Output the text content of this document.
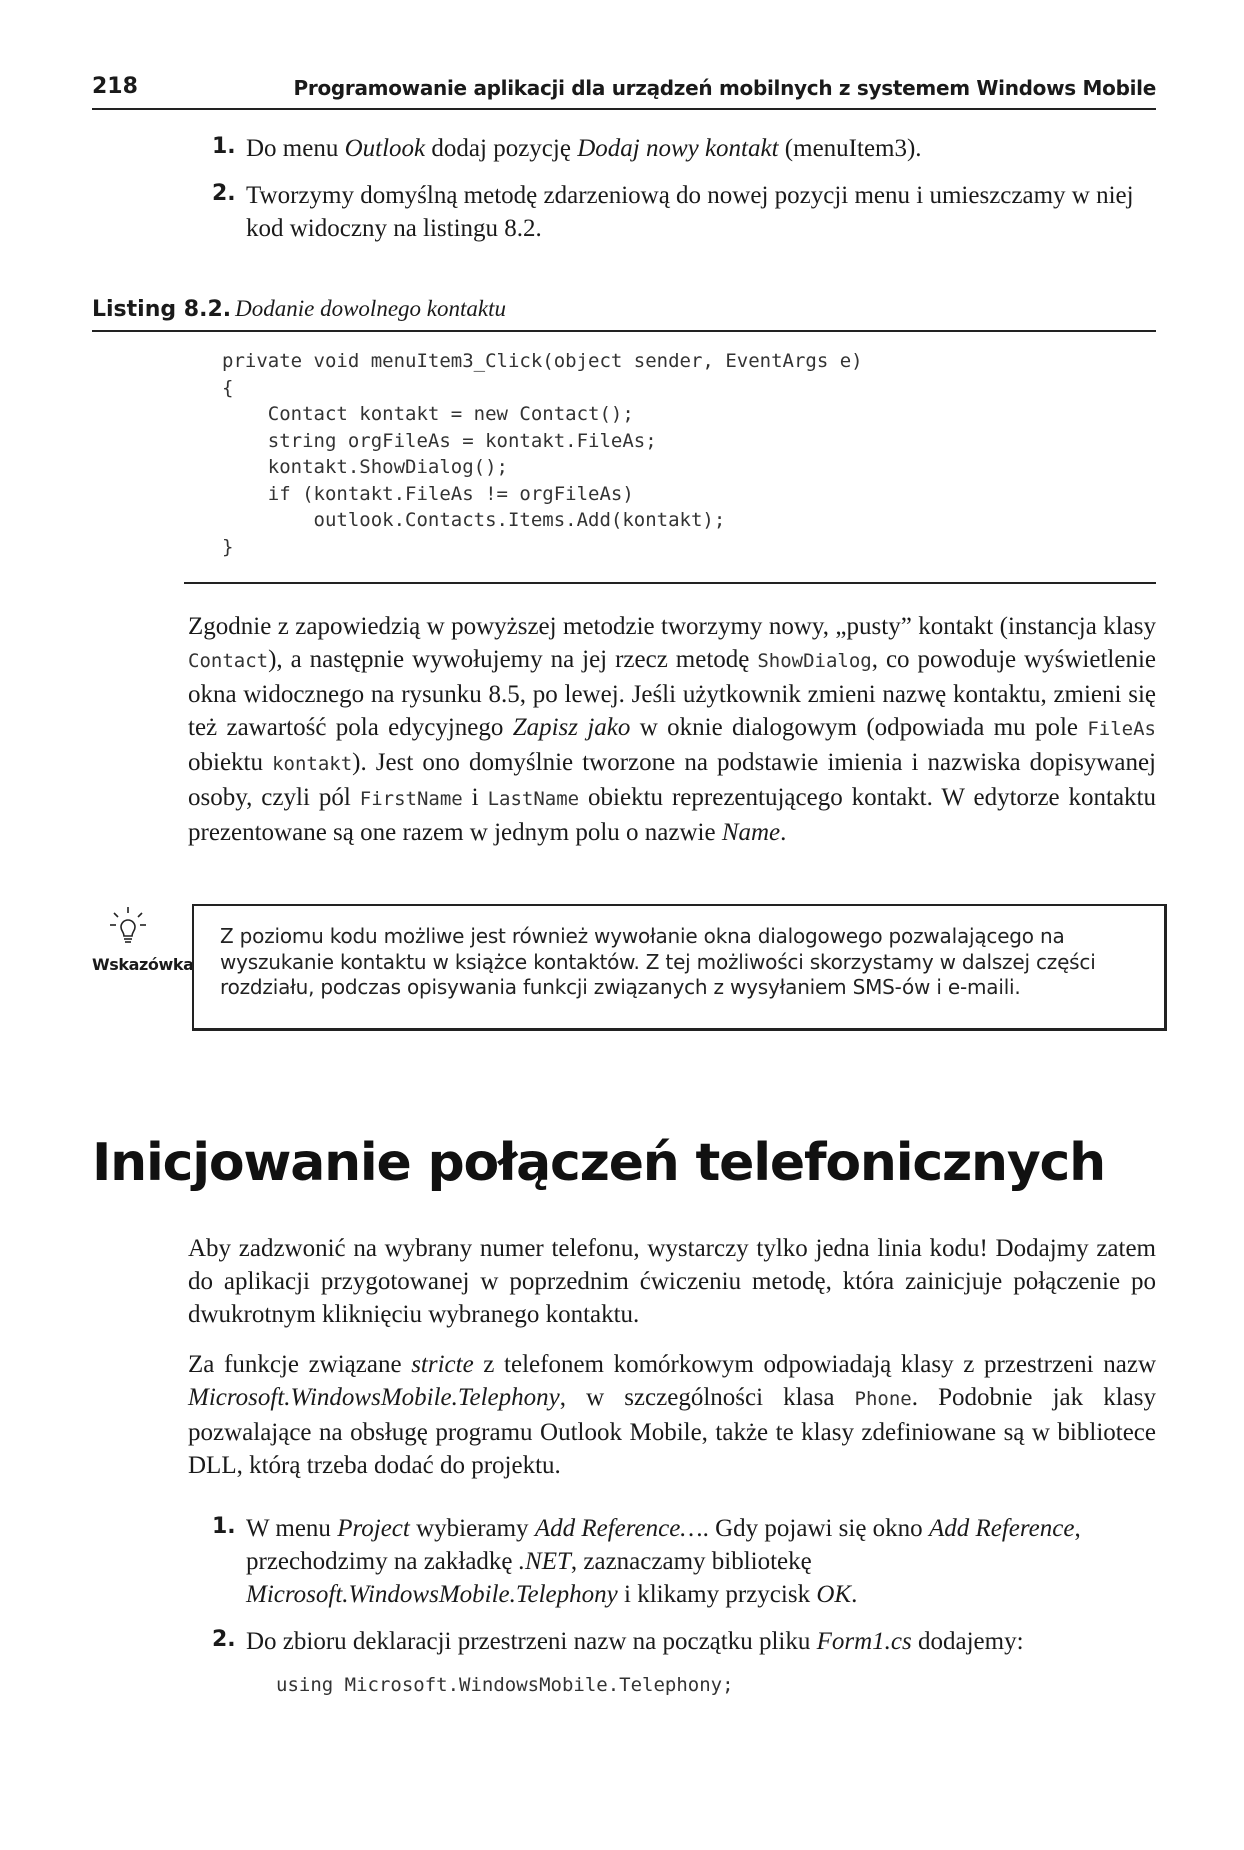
218	Programowanie aplikacji dla urządzeń mobilnych z systemem Windows Mobile
1. Do menu Outlook dodaj pozycję Dodaj nowy kontakt (menuItem3).
2. Tworzymy domyślną metodę zdarzeniową do nowej pozycji menu i umieszczamy w niej kod widoczny na listingu 8.2.
Listing 8.2. Dodanie dowolnego kontaktu
private void menuItem3_Click(object sender, EventArgs e)
{
Contact kontakt = new Contact();
string orgFileAs = kontakt.FileAs;
kontakt.ShowDialog();
if (kontakt.FileAs != orgFileAs)
outlook.Contacts.Items.Add(kontakt);
}

Zgodnie z zapowiedzią w powyższej metodzie tworzymy nowy, „pusty” kontakt (instancja klasy Contact), a następnie wywołujemy na jej rzecz metodę ShowDialog, co powoduje wyświetlenie okna widocznego na rysunku 8.5, po lewej. Jeśli użytkownik zmieni nazwę kontaktu, zmieni się też zawartość pola edycyjnego Zapisz jako w oknie dialogowym (odpowiada mu pole FileAs obiektu kontakt). Jest ono domyślnie tworzone na podstawie imienia i nazwiska dopisywanej osoby, czyli pól FirstName i LastName obiektu reprezentującego kontakt. W edytorze kontaktu prezentowane są one razem w jednym polu o nazwie Name.

Wskazówka

Z poziomu kodu możliwe jest również wywołanie okna dialogowego pozwalającego na wyszukanie kontaktu w książce kontaktów. Z tej możliwości skorzystamy w dalszej części rozdziału, podczas opisywania funkcji związanych z wysyłaniem SMS-ów i e-maili.

Inicjowanie połączeń telefonicznych

Aby zadzwonić na wybrany numer telefonu, wystarczy tylko jedna linia kodu! Dodajmy zatem do aplikacji przygotowanej w poprzednim ćwiczeniu metodę, która zainicjuje połączenie po dwukrotnym kliknięciu wybranego kontaktu.

Za funkcje związane stricte z telefonem komórkowym odpowiadają klasy z przestrzeni nazw Microsoft.WindowsMobile.Telephony, w szczególności klasa Phone. Podobnie jak klasy pozwalające na obsługę programu Outlook Mobile, także te klasy zdefiniowane są w bibliotece DLL, którą trzeba dodać do projektu.

1. W menu Project wybieramy Add Reference…. Gdy pojawi się okno Add Reference, przechodzimy na zakładkę .NET, zaznaczamy bibliotekę Microsoft.WindowsMobile.Telephony i klikamy przycisk OK.
2. Do zbioru deklaracji przestrzeni nazw na początku pliku Form1.cs dodajemy:
using Microsoft.WindowsMobile.Telephony;
